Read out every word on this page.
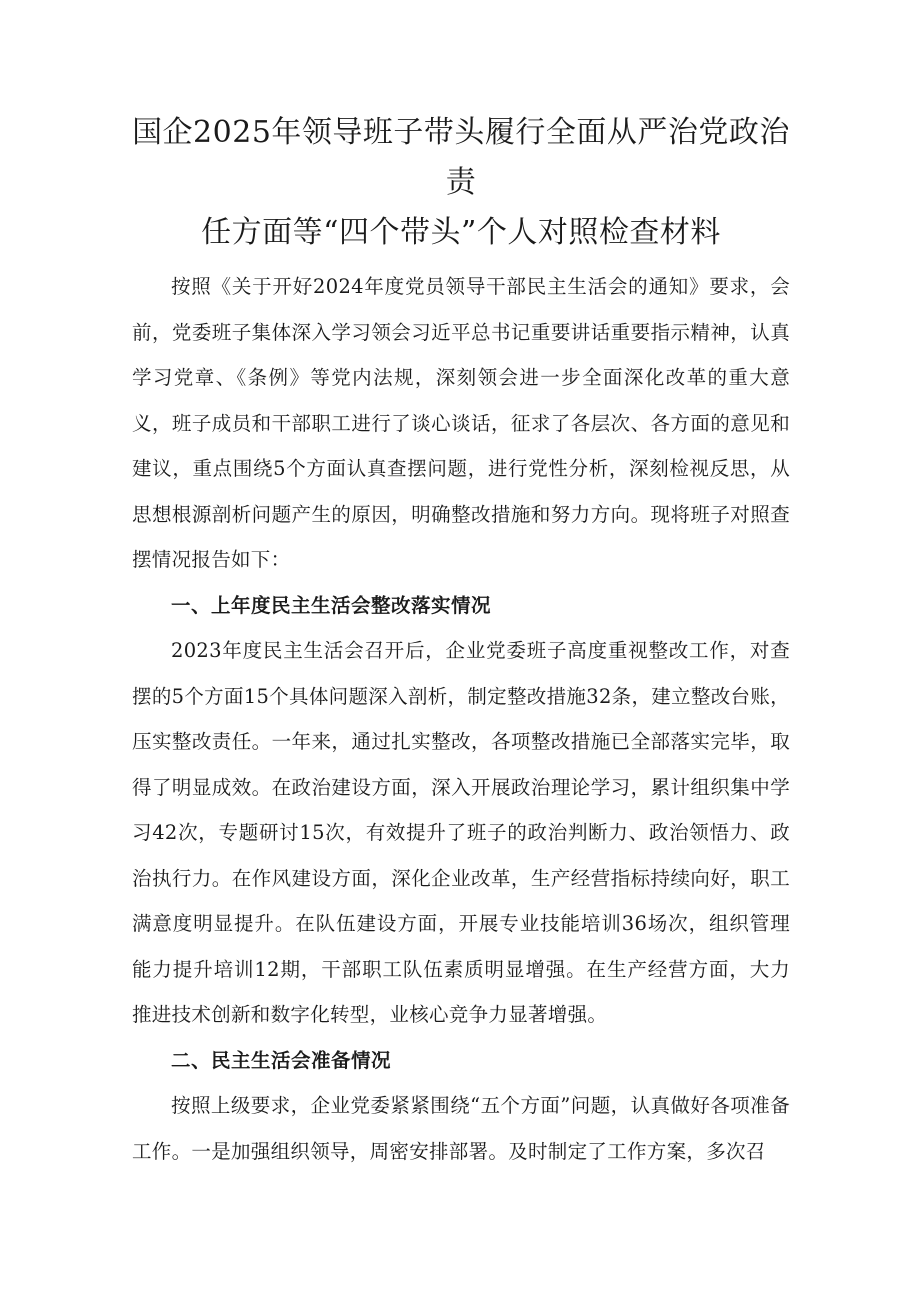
国企2025年领导班子带头履行全面从严治党政治责
任方面等“四个带头”个人对照检查材料

按照《关于开好2024年度党员领导干部民主生活会的通知》要求，会前，党委班子集体深入学习领会习近平总书记重要讲话重要指示精神，认真学习党章、《条例》等党内法规，深刻领会进一步全面深化改革的重大意义，班子成员和干部职工进行了谈心谈话，征求了各层次、各方面的意见和建议，重点围绕5个方面认真查摆问题，进行党性分析，深刻检视反思，从思想根源剖析问题产生的原因，明确整改措施和努力方向。现将班子对照查摆情况报告如下：

一、上年度民主生活会整改落实情况

2023年度民主生活会召开后，企业党委班子高度重视整改工作，对查摆的5个方面15个具体问题深入剖析，制定整改措施32条，建立整改台账，压实整改责任。一年来，通过扎实整改，各项整改措施已全部落实完毕，取得了明显成效。在政治建设方面，深入开展政治理论学习，累计组织集中学习42次，专题研讨15次，有效提升了班子的政治判断力、政治领悟力、政治执行力。在作风建设方面，深化企业改革，生产经营指标持续向好，职工满意度明显提升。在队伍建设方面，开展专业技能培训36场次，组织管理能力提升培训12期，干部职工队伍素质明显增强。在生产经营方面，大力推进技术创新和数字化转型，业核心竞争力显著增强。

二、民主生活会准备情况

按照上级要求，企业党委紧紧围绕“五个方面”问题，认真做好各项准备工作。一是加强组织领导，周密安排部署。及时制定了工作方案，多次召
